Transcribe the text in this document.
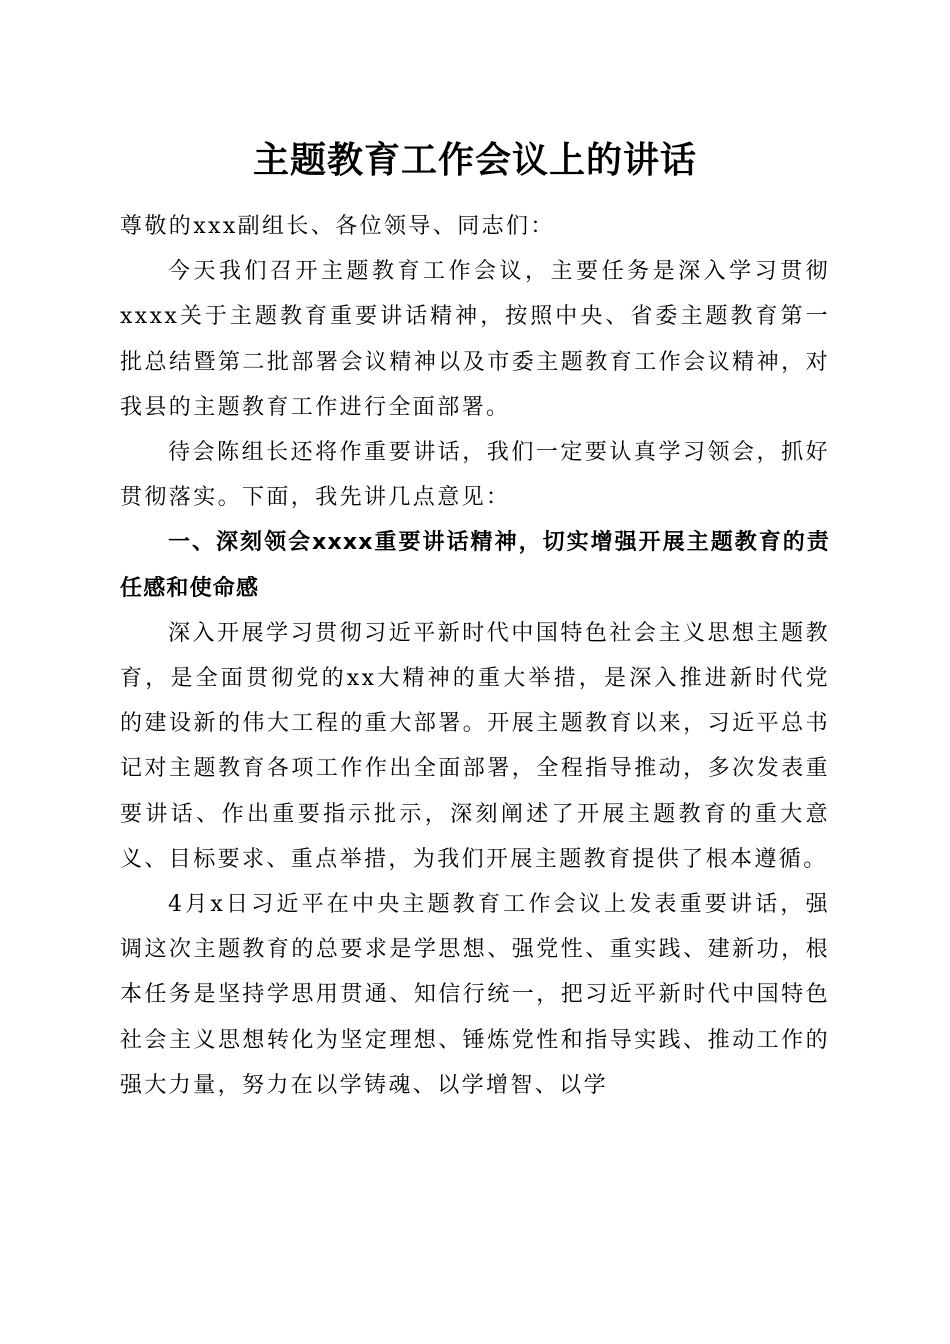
主题教育工作会议上的讲话

尊敬的xxx副组长、各位领导、同志们：

今天我们召开主题教育工作会议，主要任务是深入学习贯彻xxxx关于主题教育重要讲话精神，按照中央、省委主题教育第一批总结暨第二批部署会议精神以及市委主题教育工作会议精神，对我县的主题教育工作进行全面部署。

待会陈组长还将作重要讲话，我们一定要认真学习领会，抓好贯彻落实。下面，我先讲几点意见：

一、深刻领会xxxx重要讲话精神，切实增强开展主题教育的责任感和使命感

深入开展学习贯彻习近平新时代中国特色社会主义思想主题教育，是全面贯彻党的xx大精神的重大举措，是深入推进新时代党的建设新的伟大工程的重大部署。开展主题教育以来，习近平总书记对主题教育各项工作作出全面部署，全程指导推动，多次发表重要讲话、作出重要指示批示，深刻阐述了开展主题教育的重大意义、目标要求、重点举措，为我们开展主题教育提供了根本遵循。

4月x日习近平在中央主题教育工作会议上发表重要讲话，强调这次主题教育的总要求是学思想、强党性、重实践、建新功，根本任务是坚持学思用贯通、知信行统一，把习近平新时代中国特色社会主义思想转化为坚定理想、锤炼党性和指导实践、推动工作的强大力量，努力在以学铸魂、以学增智、以学
